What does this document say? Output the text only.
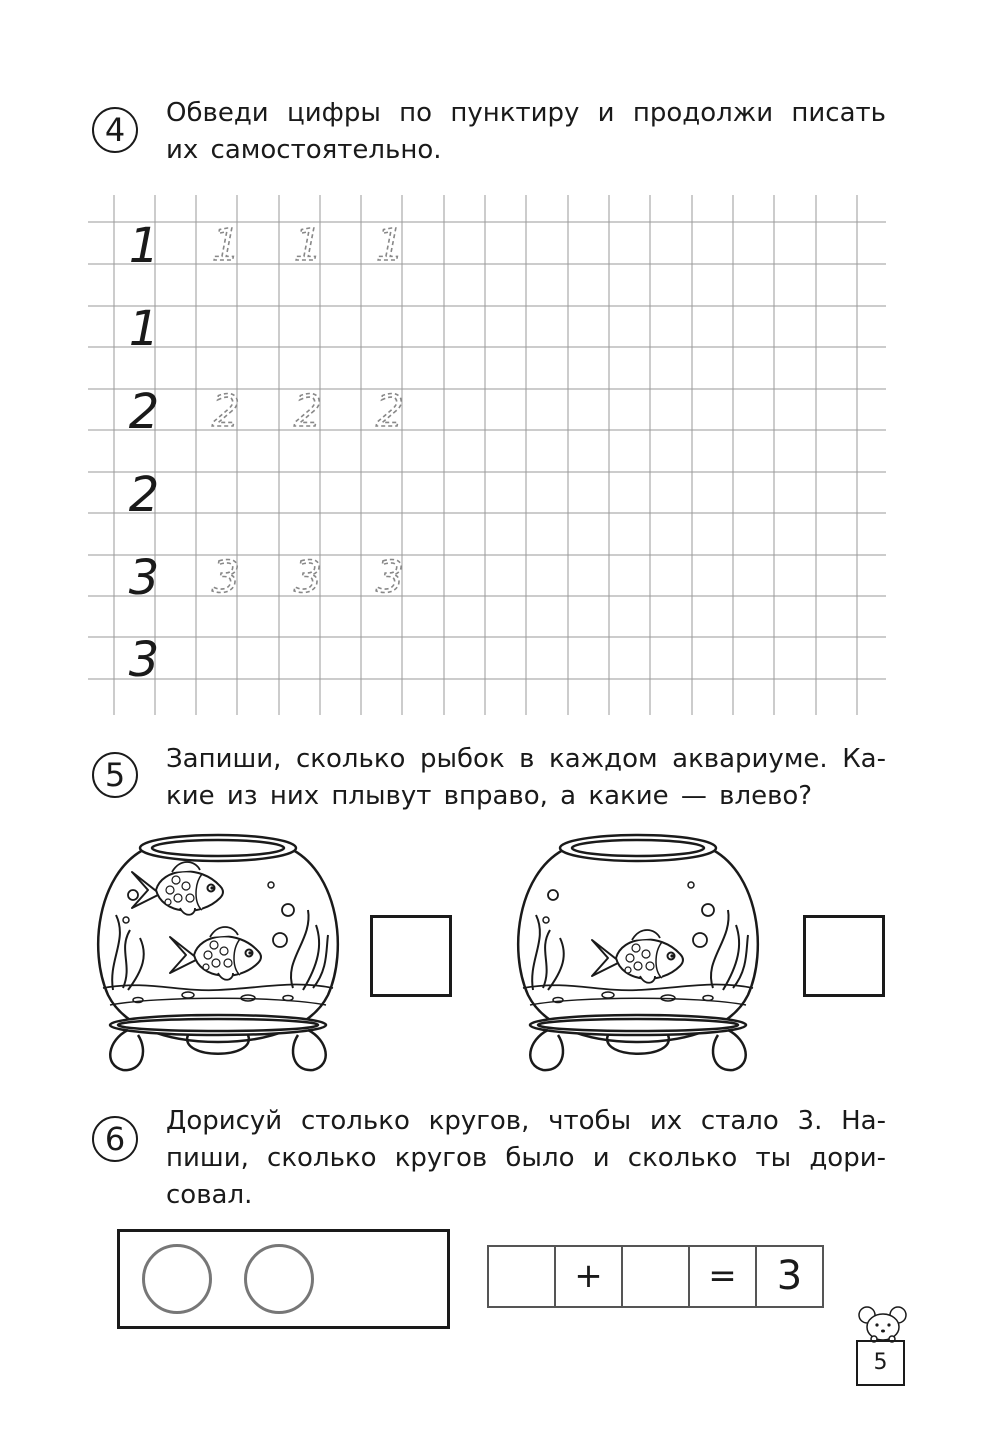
4	Обведи цифры по пунктиру и продолжи писать
их самостоятельно.
1 1 1 1
1
2 2 2 2
2
3 3 3 3
3
5	Запиши, сколько рыбок в каждом аквариуме. Ка-
кие из них плывут вправо, а какие — влево?
6	Дорисуй столько кругов, чтобы их стало 3. На-
пиши, сколько кругов было и сколько ты дори-
совал.
+	=	3
5
